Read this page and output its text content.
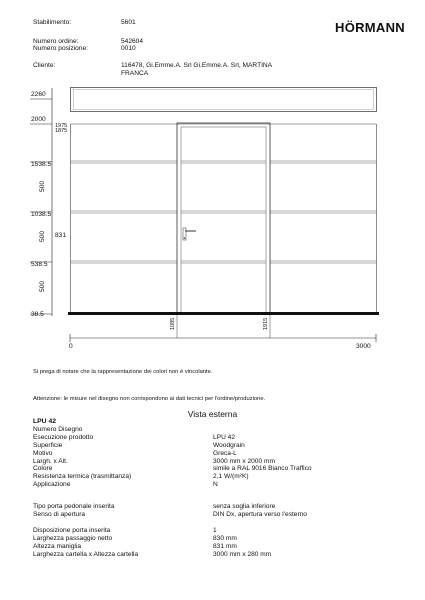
Stabilimento:	5601	HÖRMANN
Numero ordine:	542604
Numero posizione:	0010
Cliente:	116478, Gi.Emme.A. Srl Gi.Emme.A. Srl, MARTINA
FRANCA
2260
2000
1538.5
1038.5
538.5
38.5
500
500
500
1975
1875
831
1085	1915
0	3000
Si prega di notare che la rappresentazione dei colori non è vincolante.
Attenzione: le misure nel disegno non corrispondono ai dati tecnici per l'ordine/produzione.
Vista esterna
LPU 42
Numero Disegno
Esecuzione prodotto	LPU 42
Superficie	Woodgrain
Motivo	Greca-L
Largh. x Alt.	3000 mm x 2000 mm
Colore	simile a RAL 9016 Bianco Traffico
Resistenza termica (trasmittanza)	2,1 W/(m²K)
Applicazione	N
Tipo porta pedonale inserita	senza soglia inferiore
Senso di apertura	DIN Dx, apertura verso l'esterno
Disposizione porta inserita	1
Larghezza passaggio netto	830 mm
Altezza maniglia	831 mm
Larghezza cartella x Altezza cartella	3000 mm x 280 mm
